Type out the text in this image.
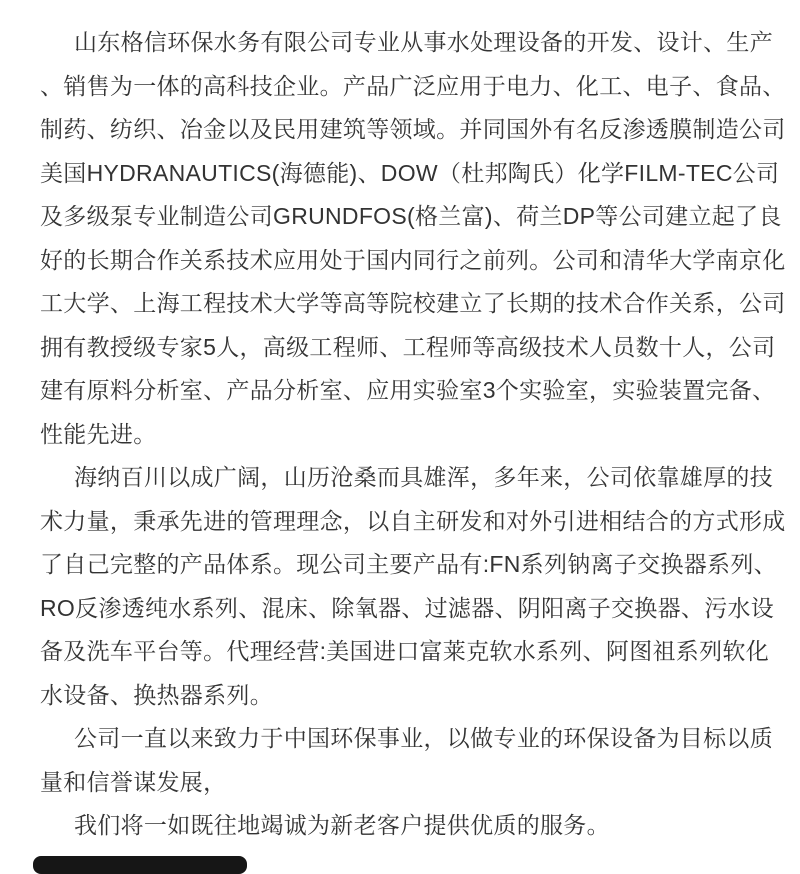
山东格信环保水务有限公司专业从事水处理设备的开发、设计、生产
、销售为一体的高科技企业。产品广泛应用于电力、化工、电子、食品、
制药、纺织、冶金以及民用建筑等领域。并同国外有名反渗透膜制造公司
美国HYDRANAUTICS(海德能)、DOW（杜邦陶氏）化学FILM-TEC公司
及多级泵专业制造公司GRUNDFOS(格兰富)、荷兰DP等公司建立起了良
好的长期合作关系技术应用处于国内同行之前列。公司和清华大学南京化
工大学、上海工程技术大学等高等院校建立了长期的技术合作关系，公司
拥有教授级专家5人，高级工程师、工程师等高级技术人员数十人，公司
建有原料分析室、产品分析室、应用实验室3个实验室，实验装置完备、
性能先进。
海纳百川以成广阔，山历沧桑而具雄浑，多年来，公司依靠雄厚的技
术力量，秉承先进的管理理念，以自主研发和对外引进相结合的方式形成
了自己完整的产品体系。现公司主要产品有:FN系列钠离子交换器系列、
RO反渗透纯水系列、混床、除氧器、过滤器、阴阳离子交换器、污水设
备及洗车平台等。代理经营:美国进口富莱克软水系列、阿图祖系列软化
水设备、换热器系列。
公司一直以来致力于中国环保事业，以做专业的环保设备为目标以质
量和信誉谋发展，
我们将一如既往地竭诚为新老客户提供优质的服务。
